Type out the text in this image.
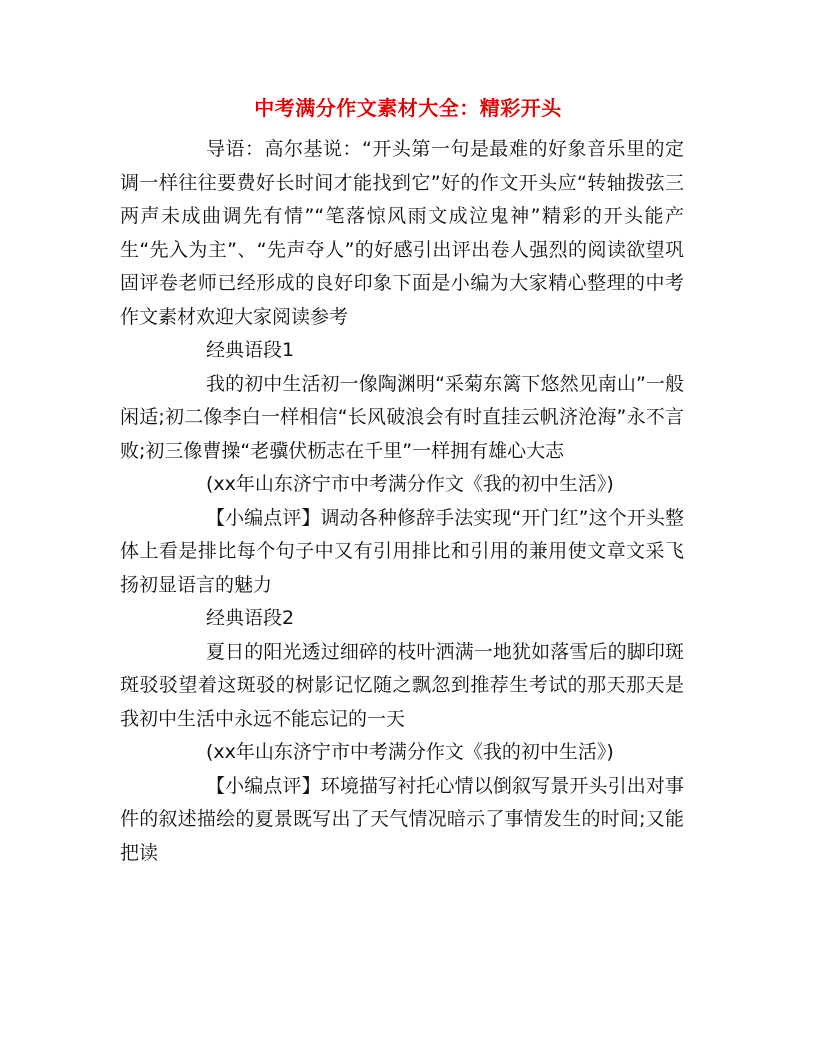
中考满分作文素材大全：精彩开头

导语：高尔基说：“开头第一句是最难的好象音乐里的定调一样往往要费好长时间才能找到它”好的作文开头应“转轴拨弦三两声未成曲调先有情”“笔落惊风雨文成泣鬼神”精彩的开头能产生“先入为主”、“先声夺人”的好感引出评出卷人强烈的阅读欲望巩固评卷老师已经形成的良好印象下面是小编为大家精心整理的中考作文素材欢迎大家阅读参考

经典语段1

我的初中生活初一像陶渊明“采菊东篱下悠然见南山”一般闲适;初二像李白一样相信“长风破浪会有时直挂云帆济沧海”永不言败;初三像曹操“老骥伏枥志在千里”一样拥有雄心大志

(xx年山东济宁市中考满分作文《我的初中生活》)

【小编点评】调动各种修辞手法实现“开门红”这个开头整体上看是排比每个句子中又有引用排比和引用的兼用使文章文采飞扬初显语言的魅力

经典语段2

夏日的阳光透过细碎的枝叶洒满一地犹如落雪后的脚印斑斑驳驳望着这斑驳的树影记忆随之飘忽到推荐生考试的那天那天是我初中生活中永远不能忘记的一天

(xx年山东济宁市中考满分作文《我的初中生活》)

【小编点评】环境描写衬托心情以倒叙写景开头引出对事件的叙述描绘的夏景既写出了天气情况暗示了事情发生的时间;又能把读
